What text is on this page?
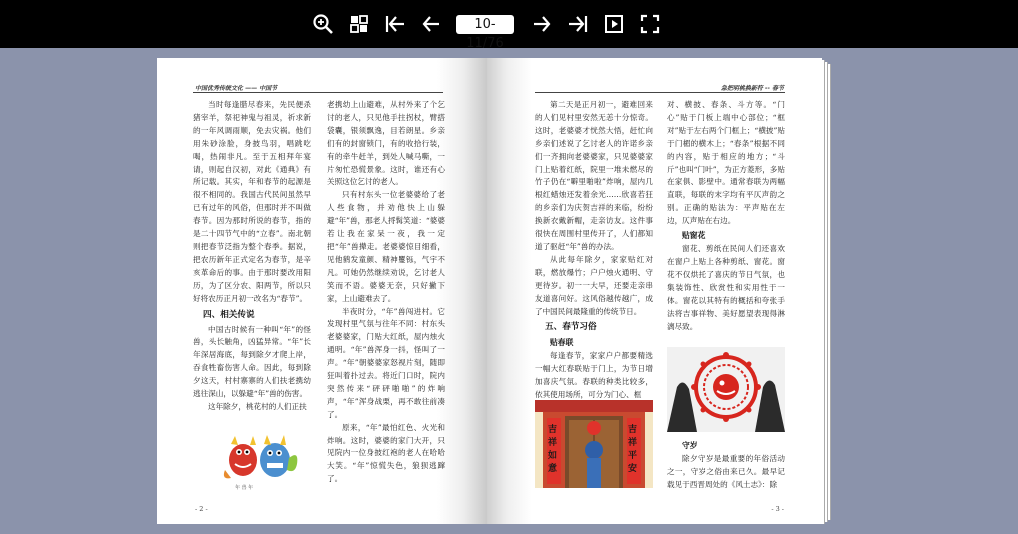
10-11/76
中国优秀传统文化 —— 中国节

当时每逢腊尽春来，先民便杀猪宰羊，祭祀神鬼与祖灵，祈求新的一年风调雨顺，免去灾祸。他们用朱砂涂脸，身披鸟羽，唱跳吃喝，热闹非凡。至于五相拜年宴请，则起自汉初，对此《通典》有所记载。其实，年和春节的起源是很不相同的。我国古代民间虽然早已有过年的风俗，但那时并不叫做春节。因为那时所说的春节，指的是二十四节气中的“立春”。南北朝则把春节泛指为整个春季。据说，把农历新年正式定名为春节，是辛亥革命后的事。由于那时要改用阳历，为了区分农、阳两节，所以只好将农历正月初一改名为“春节”。

四、相关传说

中国古时候有一种叫“年”的怪兽，头长触角，凶猛异常。“年”长年深居海底，每到除夕才爬上岸，吞食牲畜伤害人命。因此，每到除夕这天，村村寨寨的人们扶老携幼逃往深山，以躲避“年”兽的伤害。

这年除夕，桃花村的人们正扶

年 兽 年

老携幼上山避难，从村外来了个乞讨的老人，只见他手拄拐杖，臂搭袋囊，银须飘逸，目若朗星。乡亲们有的封窗锁门，有的收拾行装，有的牵牛赶羊，到处人喊马嘶，一片匆忙恐慌景象。这时，谁还有心关照这位乞讨的老人。

只有村东头一位老婆婆给了老人些食物，并劝他快上山躲避“年”兽，那老人捋髯笑道：“婆婆若让我在家呆一夜，我一定把“年”兽撵走。老婆婆惊目细看，见他鹤发童颜、精神矍铄，气宇不凡。可她仍然继续劝说，乞讨老人笑而不语。婆婆无奈，只好撇下家，上山避难去了。

半夜时分，“年”兽闯进村。它发现村里气氛与往年不同：村东头老婆婆家，门贴大红纸，屋内烛火通明。“年”兽浑身一抖，怪叫了一声。“年”朝婆婆家怒视片刻，随即狂叫着扑过去。将近门口时，院内突然传来“砰砰啪啪”的炸响声，“年”浑身战栗，再不敢往前凑了。

原来，“年”最怕红色、火光和炸响。这时，婆婆的家门大开，只见院内一位身披红袍的老人在哈哈大笑。“年”惊慌失色，狼狈逃蹿了。

- 2 -
急把明桃换新符 -- 春节

第二天是正月初一，避难回来的人们见村里安然无恙十分惊奇。这时，老婆婆才恍然大悟，赶忙向乡亲们述说了乞讨老人的许诺乡亲们一齐拥向老婆婆家，只见婆婆家门上贴着红纸，院里一堆未燃尽的竹子仍在“噼里啪啦”炸响，屋内几根红蜡烛还发着余光……欣喜若狂的乡亲们为庆贺吉祥的来临，纷纷换新衣戴新帽，走亲访友。这件事很快在周围村里传开了，人们都知道了驱赶“年”兽的办法。

从此每年除夕，家家贴红对联，燃放爆竹；户户烛火通明、守更待岁。初一一大早，还要走亲串友道喜问好。这风俗越传越广，成了中国民间最隆重的传统节日。

五、春节习俗
贴春联

每逢春节，家家户户都要精选一幅大红春联贴于门上，为节日增加喜庆气氛。春联的种类比较多，依其使用场所，可分为门心、框

吉祥如意
吉祥平安

对、横披、春条、斗方等。“门心”贴于门板上端中心部位；“框对”贴于左右两个门框上；“横披”贴于门楣的横木上；“春条”根据不同的内容，贴于相应的地方；“斗斤”也叫“门叶”，为正方菱形，多贴在家俱、影壁中。通常春联为两幅直联，每联的末字均有平仄声韵之别。正确的贴法为：平声贴在左边，仄声贴在右边。

贴窗花

窗花、剪纸在民间人们还喜欢在窗户上贴上各种剪纸、窗花。窗花不仅烘托了喜庆的节日气氛，也集装饰性、欣赏性和实用性于一体。窗花以其特有的概括和夸张手法将吉事祥物、美好愿望表现得淋漓尽致。

守岁

除夕守岁是最重要的年俗活动之一，守岁之俗由来已久。最早记载见于西晋周处的《风土志》：除

- 3 -
